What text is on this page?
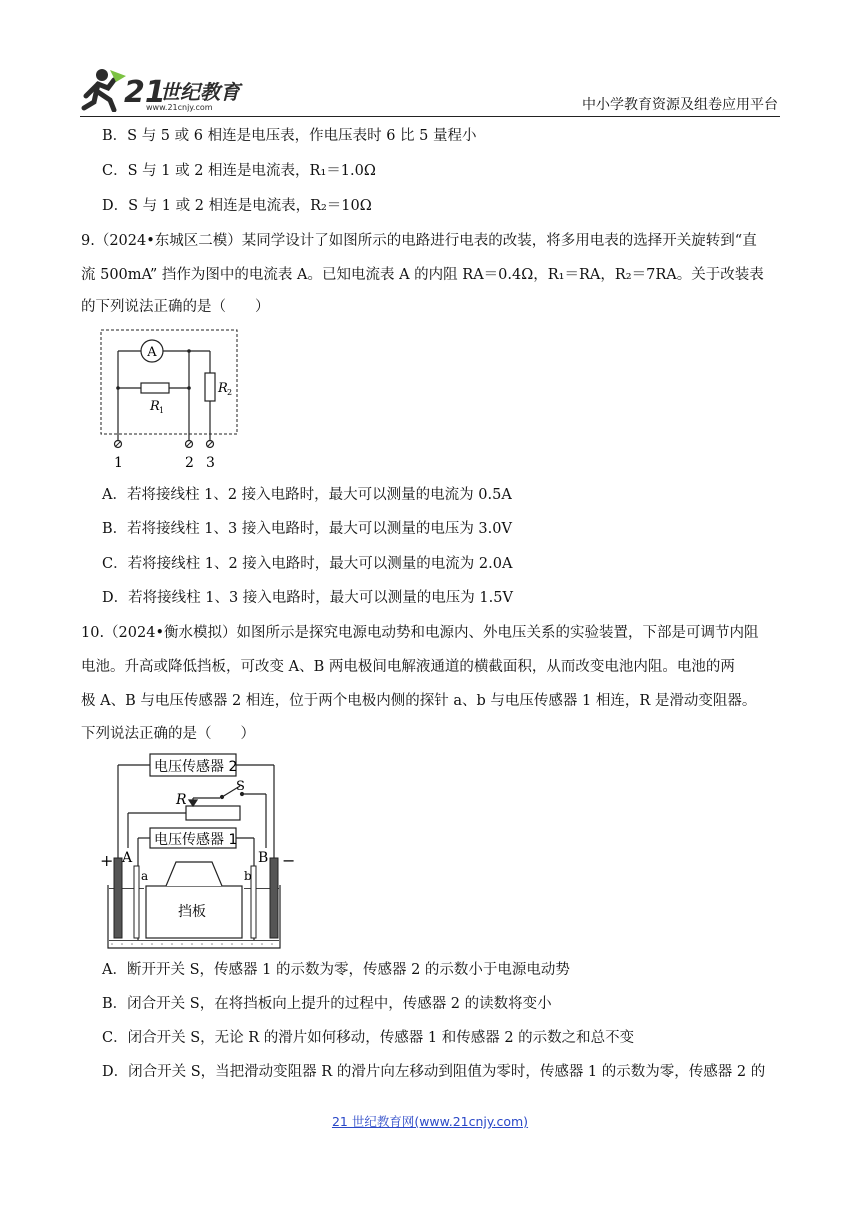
21
世纪教育
www.21cnjy.com	中小学教育资源及组卷应用平台
B．S 与 5 或 6 相连是电压表，作电压表时 6 比 5 量程小
C．S 与 1 或 2 相连是电流表，R₁＝1.0Ω
D．S 与 1 或 2 相连是电流表，R₂＝10Ω
9.（2024•东城区二模）某同学设计了如图所示的电路进行电表的改装，将多用电表的选择开关旋转到“直
流 500mA” 挡作为图中的电流表 A。已知电流表 A 的内阻 RA＝0.4Ω，R₁＝RA，R₂＝7RA。关于改装表
的下列说法正确的是（　　）
A
R 1
R 2
1	2 3
A．若将接线柱 1、2 接入电路时，最大可以测量的电流为 0.5A
B．若将接线柱 1、3 接入电路时，最大可以测量的电压为 3.0V
C．若将接线柱 1、2 接入电路时，最大可以测量的电流为 2.0A
D．若将接线柱 1、3 接入电路时，最大可以测量的电压为 1.5V
10.（2024•衡水模拟）如图所示是探究电源电动势和电源内、外电压关系的实验装置，下部是可调节内阻
电池。升高或降低挡板，可改变 A、B 两电极间电解液通道的横截面积，从而改变电池内阻。电池的两
极 A、B 与电压传感器 2 相连，位于两个电极内侧的探针 a、b 与电压传感器 1 相连，R 是滑动变阻器。
下列说法正确的是（　　）
电压传感器 2
电压传感器 1
S
R
+	−
A	B
a	b
挡板
A．断开开关 S，传感器 1 的示数为零，传感器 2 的示数小于电源电动势
B．闭合开关 S，在将挡板向上提升的过程中，传感器 2 的读数将变小
C．闭合开关 S，无论 R 的滑片如何移动，传感器 1 和传感器 2 的示数之和总不变
D．闭合开关 S，当把滑动变阻器 R 的滑片向左移动到阻值为零时，传感器 1 的示数为零，传感器 2 的
21 世纪教育网(www.21cnjy.com)
